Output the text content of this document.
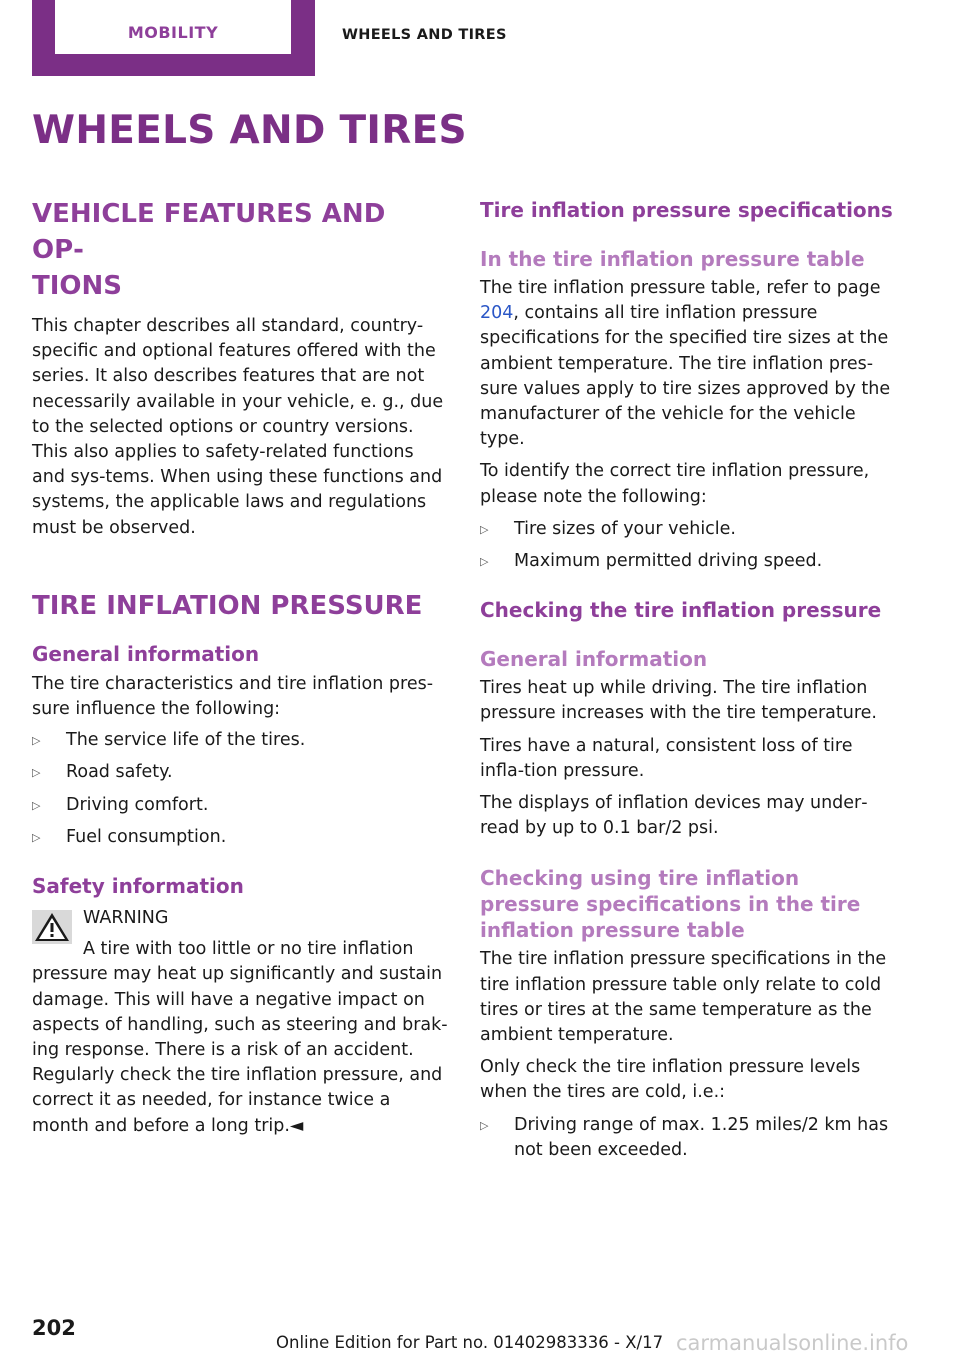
MOBILITY	WHEELS AND TIRES
WHEELS AND TIRES
VEHICLE FEATURES AND OP‐
TIONS

This chapter describes all standard, country-specific and optional features offered with the series. It also describes features that are not necessarily available in your vehicle, e. g., due to the selected options or country versions. This also applies to safety-related functions and sys‐tems. When using these functions and systems, the applicable laws and regulations must be observed.

TIRE INFLATION PRESSURE
General information

The tire characteristics and tire inflation pres‐sure influence the following:

▷ The service life of the tires.
▷ Road safety.
▷ Driving comfort.
▷ Fuel consumption.
Safety information

WARNING

A tire with too little or no tire inflation

pressure may heat up significantly and sustain damage. This will have a negative impact on aspects of handling, such as steering and brak‐ing response. There is a risk of an accident. Regularly check the tire inflation pressure, and correct it as needed, for instance twice a month and before a long trip.◄

Tire inflation pressure specifications
In the tire inflation pressure table

The tire inflation pressure table, refer to page 204, contains all tire inflation pressure specifications for the specified tire sizes at the ambient temperature. The tire inflation pres‐sure values apply to tire sizes approved by the manufacturer of the vehicle for the vehicle type.

To identify the correct tire inflation pressure, please note the following:

▷ Tire sizes of your vehicle.
▷ Maximum permitted driving speed.
Checking the tire inflation pressure
General information

Tires heat up while driving. The tire inflation pressure increases with the tire temperature.

Tires have a natural, consistent loss of tire infla‐tion pressure.

The displays of inflation devices may under‐read by up to 0.1 bar/2 psi.

Checking using tire inflation pressure specifications in the tire inflation pressure table

The tire inflation pressure specifications in the tire inflation pressure table only relate to cold tires or tires at the same temperature as the ambient temperature.

Only check the tire inflation pressure levels when the tires are cold, i.e.:

▷ Driving range of max. 1.25 miles/2 km has not been exceeded.
202
Online Edition for Part no. 01402983336 - X/17 carmanualsonline.info
